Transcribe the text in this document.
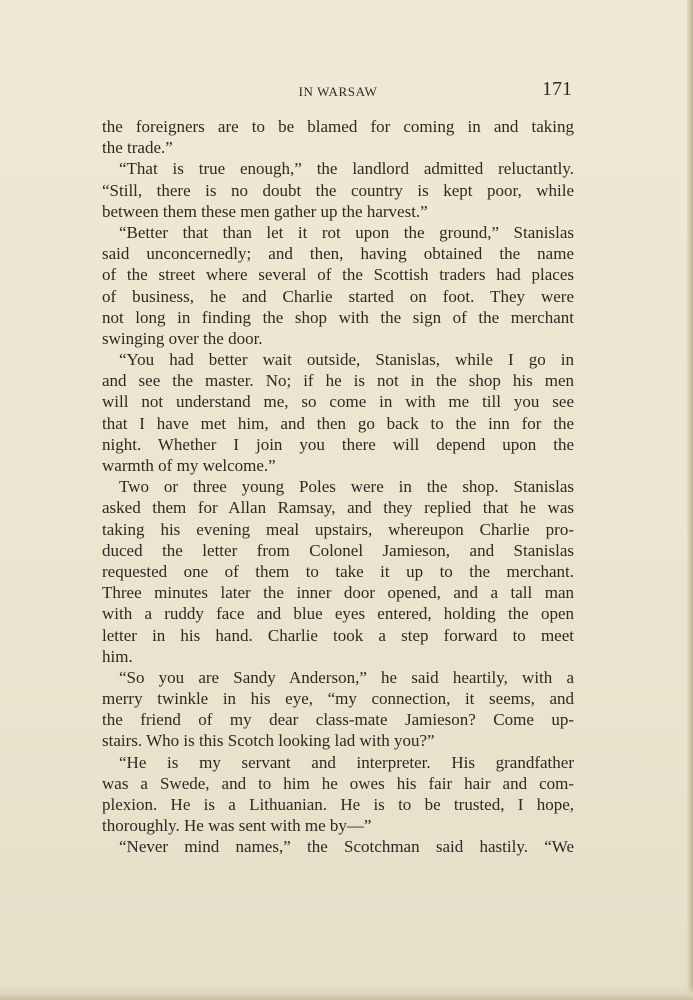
IN WARSAW	171
the foreigners are to be blamed for coming in and taking
the trade.”
“That is true enough,” the landlord admitted reluctantly.
“Still, there is no doubt the country is kept poor, while
between them these men gather up the harvest.”
“Better that than let it rot upon the ground,” Stanislas
said unconcernedly; and then, having obtained the name
of the street where several of the Scottish traders had places
of business, he and Charlie started on foot. They were
not long in finding the shop with the sign of the merchant
swinging over the door.
“You had better wait outside, Stanislas, while I go in
and see the master. No; if he is not in the shop his men
will not understand me, so come in with me till you see
that I have met him, and then go back to the inn for the
night. Whether I join you there will depend upon the
warmth of my welcome.”
Two or three young Poles were in the shop. Stanislas
asked them for Allan Ramsay, and they replied that he was
taking his evening meal upstairs, whereupon Charlie pro-
duced the letter from Colonel Jamieson, and Stanislas
requested one of them to take it up to the merchant.
Three minutes later the inner door opened, and a tall man
with a ruddy face and blue eyes entered, holding the open
letter in his hand. Charlie took a step forward to meet
him.
“So you are Sandy Anderson,” he said heartily, with a
merry twinkle in his eye, “my connection, it seems, and
the friend of my dear class-mate Jamieson? Come up-
stairs. Who is this Scotch looking lad with you?”
“He is my servant and interpreter. His grandfather
was a Swede, and to him he owes his fair hair and com-
plexion. He is a Lithuanian. He is to be trusted, I hope,
thoroughly. He was sent with me by—”
“Never mind names,” the Scotchman said hastily. “We
